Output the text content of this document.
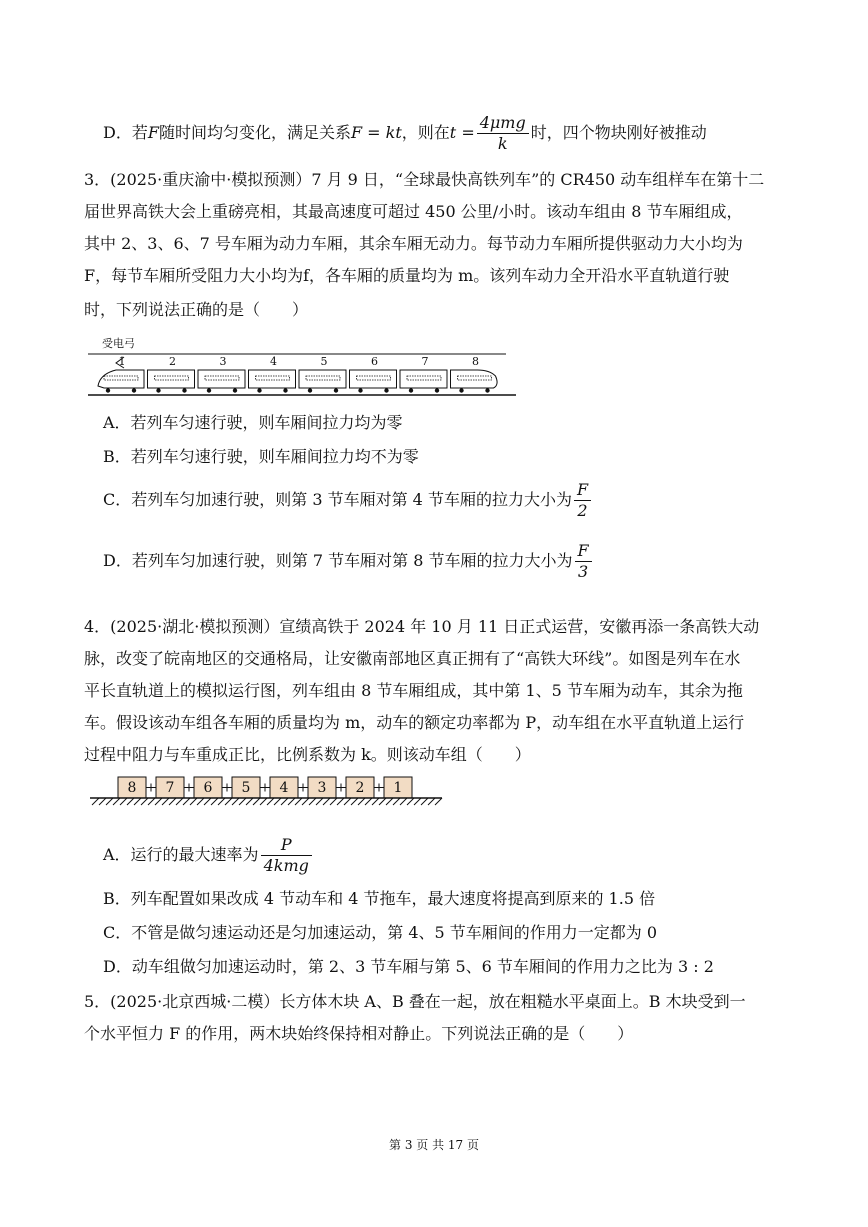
D．若F随时间均匀变化，满足关系F = kt，则在$t = \frac{\text{4μmg}}{k}$ 时，四个物块刚好被推动
3．(2025·重庆渝中·模拟预测）7 月 9 日，“全球最快高铁列车”的 CR450 动车组样车在第十二
届世界高铁大会上重磅亮相，其最高速度可超过 450 公里/小时。该动车组由 8 节车厢组成，
其中 2、3、6、7 号车厢为动力车厢，其余车厢无动力。每节动力车厢所提供驱动力大小均为
F，每节车厢所受阻力大小均为f，各车厢的质量均为 m。该列车动力全开沿水平直轨道行驶
时，下列说法正确的是（　　）
受电弓
1	2	3	4	5	6	7	8
A．若列车匀速行驶，则车厢间拉力均为零
B．若列车匀速行驶，则车厢间拉力均不为零
C．若列车匀加速行驶，则第 3 节车厢对第 4 节车厢的拉力大小为 $\frac{F}{2}$
D．若列车匀加速行驶，则第 7 节车厢对第 8 节车厢的拉力大小为 $\frac{F}{3}$
4．(2025·湖北·模拟预测）宣绩高铁于 2024 年 10 月 11 日正式运营，安徽再添一条高铁大动
脉，改变了皖南地区的交通格局，让安徽南部地区真正拥有了“高铁大环线”。如图是列车在水
平长直轨道上的模拟运行图，列车组由 8 节车厢组成，其中第 1、5 节车厢为动车，其余为拖
车。假设该动车组各车厢的质量均为 m，动车的额定功率都为 P，动车组在水平直轨道上运行
过程中阻力与车重成正比，比例系数为 k。则该动车组（　　）
8 7 6 5 4 3 2 1
A．运行的最大速率为 $\frac{P}{\text{4kmg}}$
B．列车配置如果改成 4 节动车和 4 节拖车，最大速度将提高到原来的 1.5 倍
C．不管是做匀速运动还是匀加速运动，第 4、5 节车厢间的作用力一定都为 0
D．动车组做匀加速运动时，第 2、3 节车厢与第 5、6 节车厢间的作用力之比为 3 : 2
5．(2025·北京西城·二模）长方体木块 A、B 叠在一起，放在粗糙水平桌面上。B 木块受到一
个水平恒力 F 的作用，两木块始终保持相对静止。下列说法正确的是（　　）
第 3 页 共 17 页
